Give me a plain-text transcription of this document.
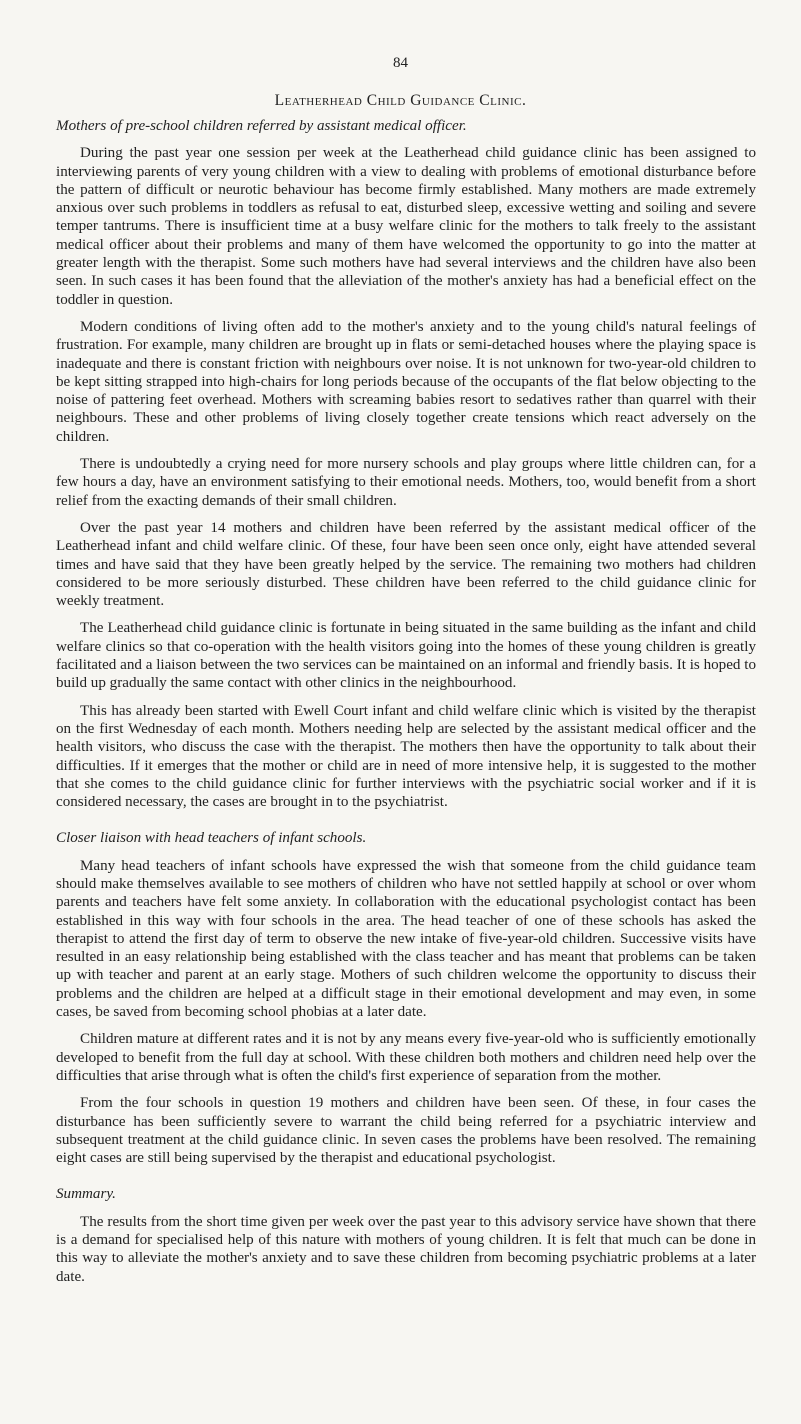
84
Leatherhead Child Guidance Clinic.
Mothers of pre-school children referred by assistant medical officer.

During the past year one session per week at the Leatherhead child guidance clinic has been assigned to interviewing parents of very young children with a view to dealing with problems of emotional disturbance before the pattern of difficult or neurotic behaviour has become firmly established. Many mothers are made extremely anxious over such problems in toddlers as refusal to eat, disturbed sleep, excessive wetting and soiling and severe temper tantrums. There is insufficient time at a busy welfare clinic for the mothers to talk freely to the assistant medical officer about their problems and many of them have welcomed the opportunity to go into the matter at greater length with the therapist. Some such mothers have had several interviews and the children have also been seen. In such cases it has been found that the alleviation of the mother's anxiety has had a beneficial effect on the toddler in question.

Modern conditions of living often add to the mother's anxiety and to the young child's natural feelings of frustration. For example, many children are brought up in flats or semi-detached houses where the playing space is inadequate and there is constant friction with neighbours over noise. It is not unknown for two-year-old children to be kept sitting strapped into high-chairs for long periods because of the occupants of the flat below objecting to the noise of pattering feet overhead. Mothers with screaming babies resort to sedatives rather than quarrel with their neighbours. These and other problems of living closely together create tensions which react adversely on the children.

There is undoubtedly a crying need for more nursery schools and play groups where little children can, for a few hours a day, have an environment satisfying to their emotional needs. Mothers, too, would benefit from a short relief from the exacting demands of their small children.

Over the past year 14 mothers and children have been referred by the assistant medical officer of the Leatherhead infant and child welfare clinic. Of these, four have been seen once only, eight have attended several times and have said that they have been greatly helped by the service. The remaining two mothers had children considered to be more seriously disturbed. These children have been referred to the child guidance clinic for weekly treatment.

The Leatherhead child guidance clinic is fortunate in being situated in the same building as the infant and child welfare clinics so that co-operation with the health visitors going into the homes of these young children is greatly facilitated and a liaison between the two services can be maintained on an informal and friendly basis. It is hoped to build up gradually the same contact with other clinics in the neighbourhood.

This has already been started with Ewell Court infant and child welfare clinic which is visited by the therapist on the first Wednesday of each month. Mothers needing help are selected by the assistant medical officer and the health visitors, who discuss the case with the therapist. The mothers then have the opportunity to talk about their difficulties. If it emerges that the mother or child are in need of more intensive help, it is suggested to the mother that she comes to the child guidance clinic for further interviews with the psychiatric social worker and if it is considered necessary, the cases are brought in to the psychiatrist.

Closer liaison with head teachers of infant schools.

Many head teachers of infant schools have expressed the wish that someone from the child guidance team should make themselves available to see mothers of children who have not settled happily at school or over whom parents and teachers have felt some anxiety. In collaboration with the educational psychologist contact has been established in this way with four schools in the area. The head teacher of one of these schools has asked the therapist to attend the first day of term to observe the new intake of five-year-old children. Successive visits have resulted in an easy relationship being established with the class teacher and has meant that problems can be taken up with teacher and parent at an early stage. Mothers of such children welcome the opportunity to discuss their problems and the children are helped at a difficult stage in their emotional development and may even, in some cases, be saved from becoming school phobias at a later date.

Children mature at different rates and it is not by any means every five-year-old who is sufficiently emotionally developed to benefit from the full day at school. With these children both mothers and children need help over the difficulties that arise through what is often the child's first experience of separation from the mother.

From the four schools in question 19 mothers and children have been seen. Of these, in four cases the disturbance has been sufficiently severe to warrant the child being referred for a psychiatric interview and subsequent treatment at the child guidance clinic. In seven cases the problems have been resolved. The remaining eight cases are still being supervised by the therapist and educational psychologist.

Summary.

The results from the short time given per week over the past year to this advisory service have shown that there is a demand for specialised help of this nature with mothers of young children. It is felt that much can be done in this way to alleviate the mother's anxiety and to save these children from becoming psychiatric problems at a later date.
